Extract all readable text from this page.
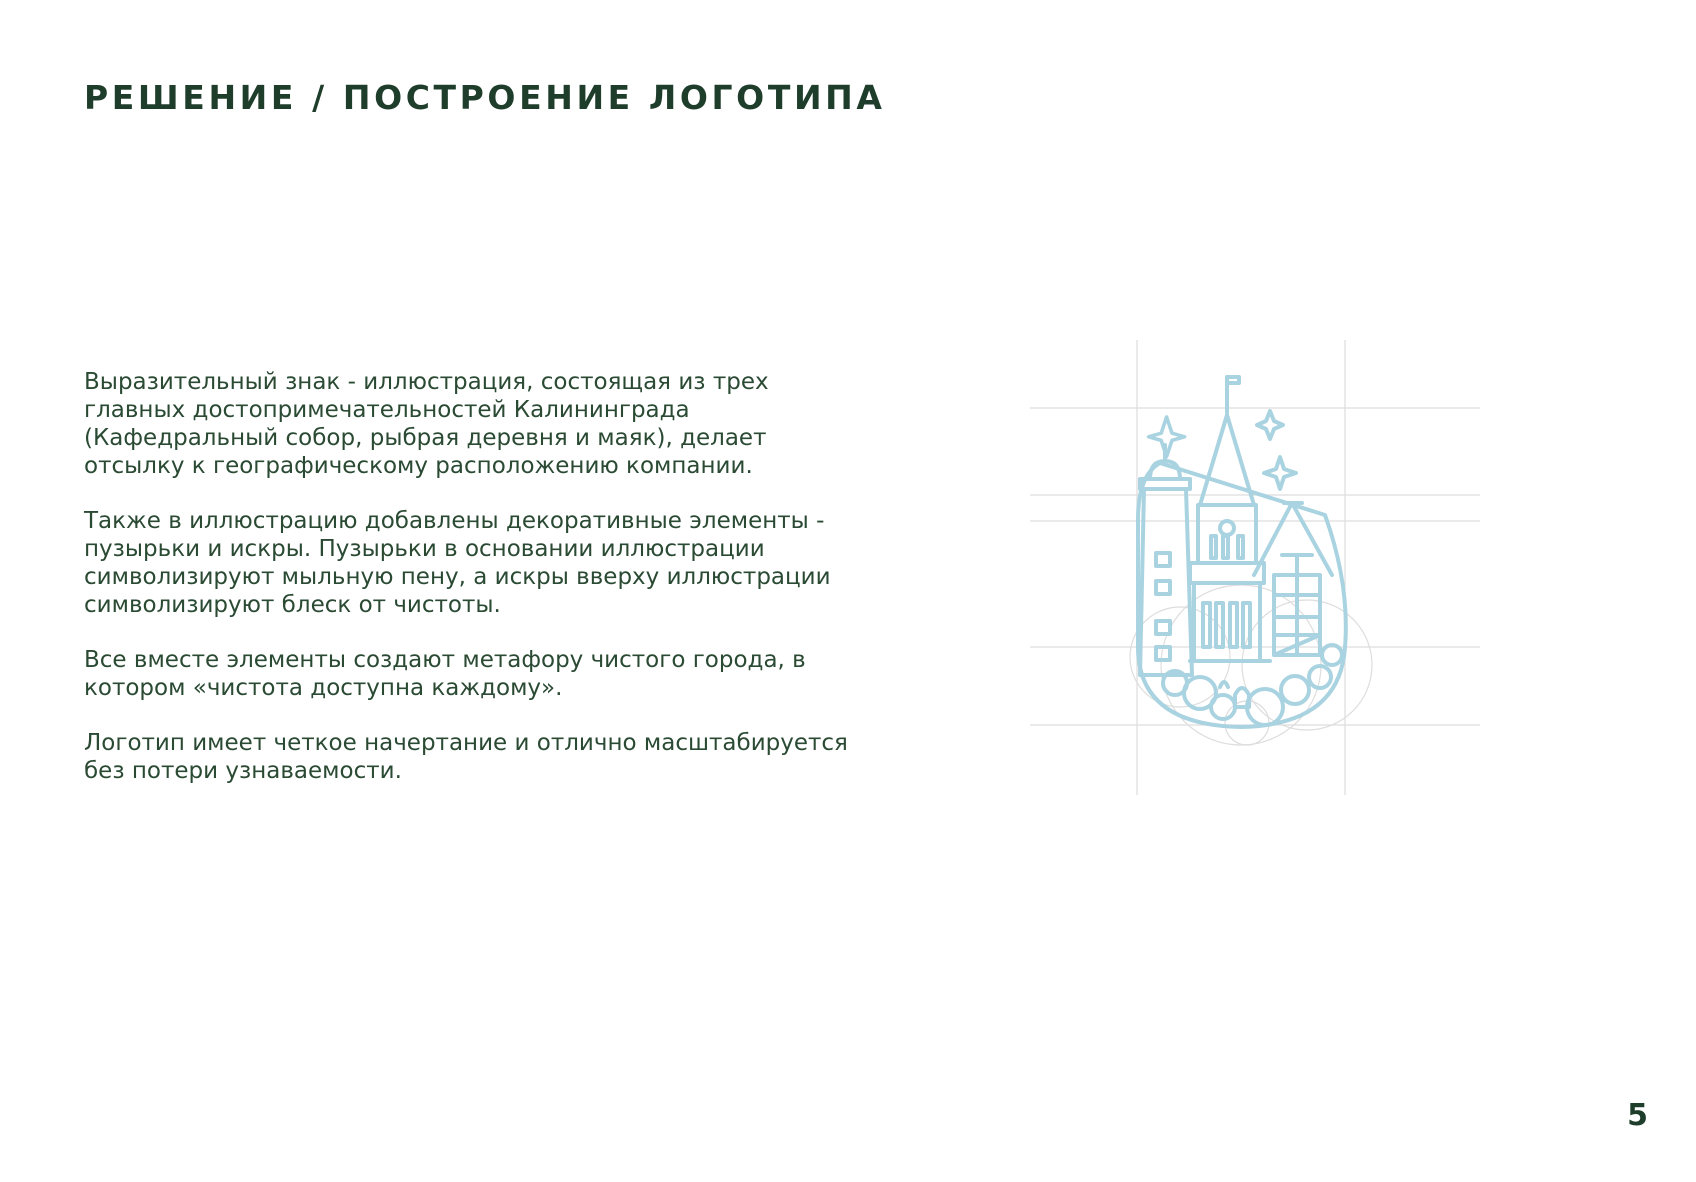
РЕШЕНИЕ / ПОСТРОЕНИЕ ЛОГОТИПА

Выразительный знак - иллюстрация, состоящая из трех главных достопримечательностей Калининграда (Кафедральный собор, рыбрая деревня и маяк), делает отсылку к географическому расположению компании.

Также в иллюстрацию добавлены декоративные элементы - пузырьки и искры. Пузырьки в основании иллюстрации символизируют мыльную пену, а искры вверху иллюстрации символизируют блеск от чистоты.

Все вместе элементы создают метафору чистого города, в котором «чистота доступна каждому».

Логотип имеет четкое начертание и отлично масштабируется без потери узнаваемости.

5
